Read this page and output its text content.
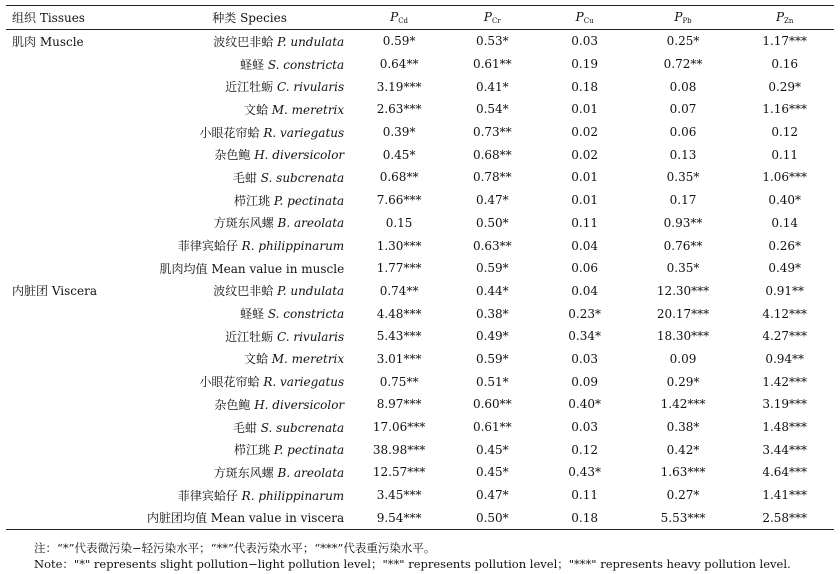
组织 Tissues	种类 Species	$P_{Cd}$	$P_{Cr}$	$P_{Cu}$	$P_{Pb}$	$P_{Zn}$
肌肉 Muscle	波纹巴非蛤 P. undulata	0.59*	0.53*	0.03	0.25*	1.17***
	蛏蛏 S. constricta	0.64**	0.61**	0.19	0.72**	0.16
	近江牡蛎 C. rivularis	3.19***	0.41*	0.18	0.08	0.29*
	文蛤 M. meretrix	2.63***	0.54*	0.01	0.07	1.16***
	小眼花帘蛤 R. variegatus	0.39*	0.73**	0.02	0.06	0.12
	杂色鲍 H. diversicolor	0.45*	0.68**	0.02	0.13	0.11
	毛蚶 S. subcrenata	0.68**	0.78**	0.01	0.35*	1.06***
	栉江珧 P. pectinata	7.66***	0.47*	0.01	0.17	0.40*
	方斑东风螺 B. areolata	0.15	0.50*	0.11	0.93**	0.14
	菲律宾蛤仔 R. philippinarum	1.30***	0.63**	0.04	0.76**	0.26*
	肌肉均值 Mean value in muscle	1.77***	0.59*	0.06	0.35*	0.49*
内脏团 Viscera	波纹巴非蛤 P. undulata	0.74**	0.44*	0.04	12.30***	0.91**
	蛏蛏 S. constricta	4.48***	0.38*	0.23*	20.17***	4.12***
	近江牡蛎 C. rivularis	5.43***	0.49*	0.34*	18.30***	4.27***
	文蛤 M. meretrix	3.01***	0.59*	0.03	0.09	0.94**
	小眼花帘蛤 R. variegatus	0.75**	0.51*	0.09	0.29*	1.42***
	杂色鲍 H. diversicolor	8.97***	0.60**	0.40*	1.42***	3.19***
	毛蚶 S. subcrenata	17.06***	0.61**	0.03	0.38*	1.48***
	栉江珧 P. pectinata	38.98***	0.45*	0.12	0.42*	3.44***
	方斑东风螺 B. areolata	12.57***	0.45*	0.43*	1.63***	4.64***
	菲律宾蛤仔 R. philippinarum	3.45***	0.47*	0.11	0.27*	1.41***
	内脏团均值 Mean value in viscera	9.54***	0.50*	0.18	5.53***	2.58***
注：“*”代表微污染−轻污染水平；“**”代表污染水平；“***”代表重污染水平。
Note："*" represents slight pollution−light pollution level；"**" represents pollution level；"***" represents heavy pollution level.
